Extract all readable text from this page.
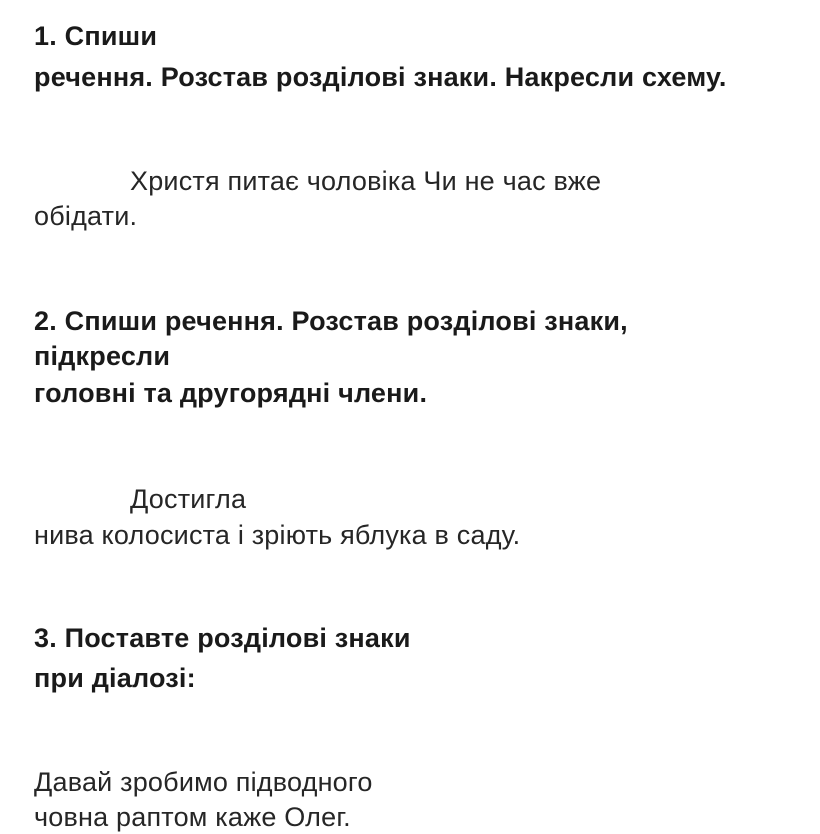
1. Спиши
речення. Розстав розділові знаки. Накресли схему.
Христя питає чоловіка Чи не час вже
обідати.
2. Спиши речення. Розстав розділові знаки,
підкресли
головні та другорядні члени.
Достигла
нива колосиста і зріють яблука в саду.
3. Поставте розділові знаки
при діалозі:
Давай зробимо підводного
човна раптом каже Олег.
